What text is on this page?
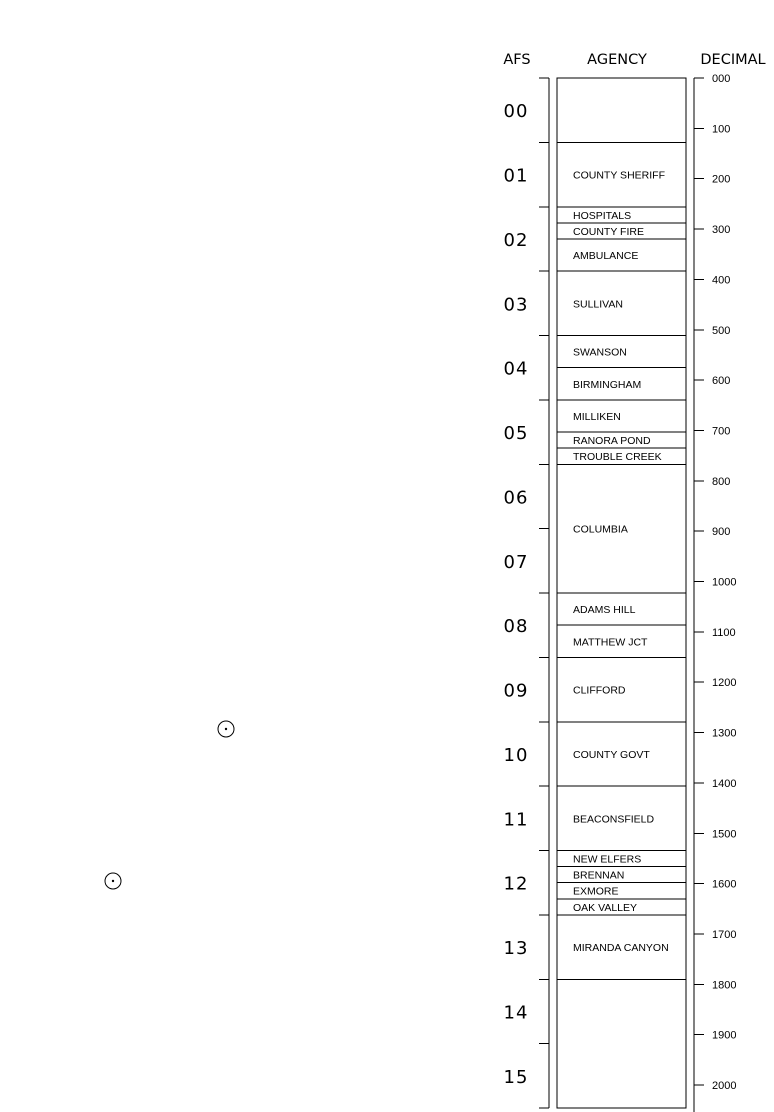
AFS	AGENCY	DECIMAL
00
01
02
03
04
05
06
07
08
09
10
11
12
13
14
15
COUNTY SHERIFF
HOSPITALS
COUNTY FIRE
AMBULANCE
SULLIVAN
SWANSON
BIRMINGHAM
MILLIKEN
RANORA POND
TROUBLE CREEK
COLUMBIA
ADAMS HILL
MATTHEW JCT
CLIFFORD
COUNTY GOVT
BEACONSFIELD
NEW ELFERS
BRENNAN
EXMORE
OAK VALLEY
MIRANDA CANYON
000
100
200
300
400
500
600
700
800
900
1000
1100
1200
1300
1400
1500
1600
1700
1800
1900
2000
